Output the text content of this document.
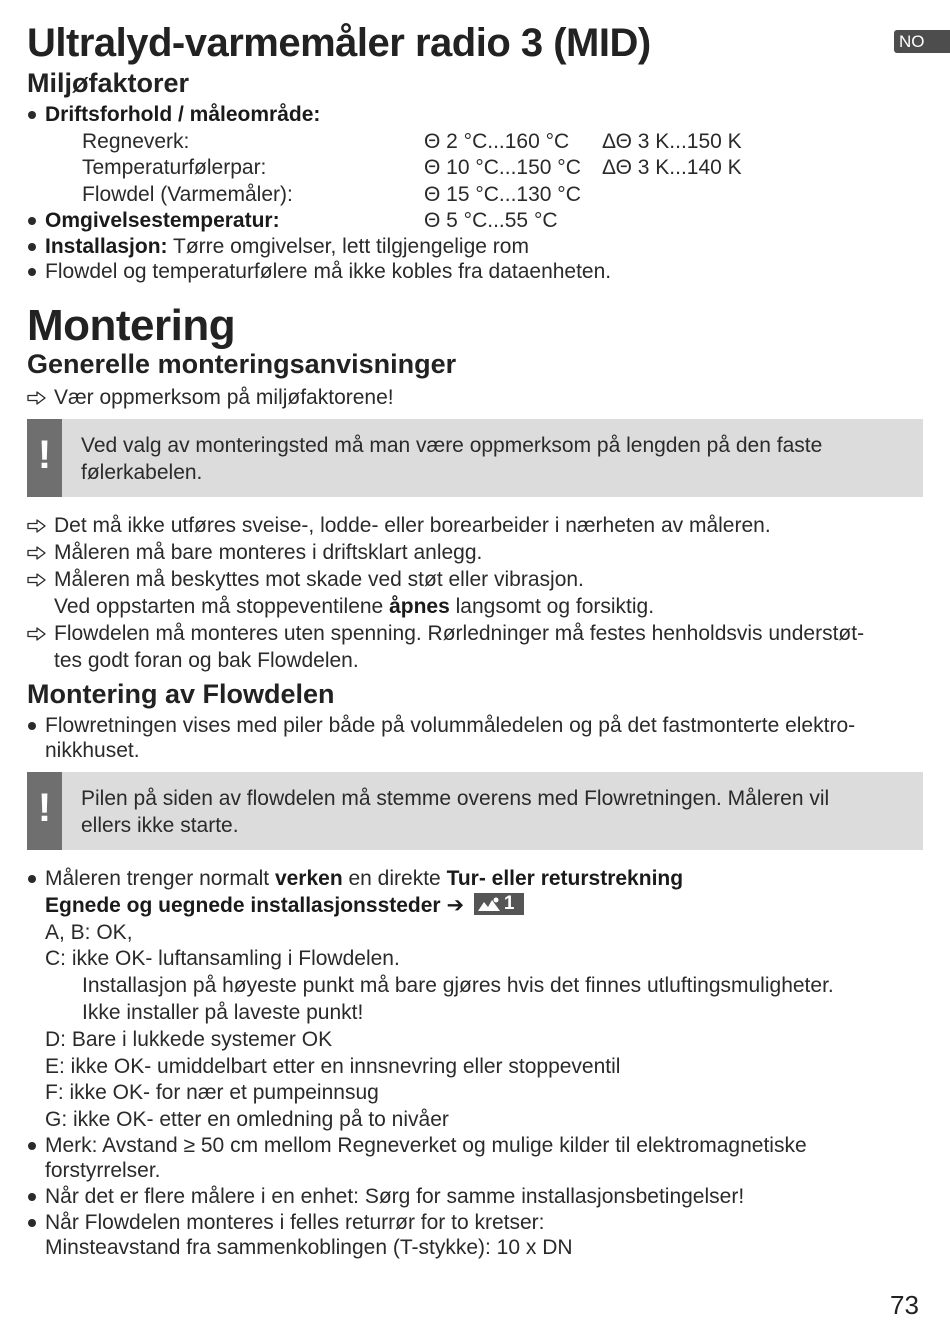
NO
Ultralyd-varmemåler radio 3 (MID)
Miljøfaktorer
Driftsforhold / måleområde:
Regneverk:	Θ 2 °C...160 °C ΔΘ 3 K...150 K
Temperaturfølerpar:	Θ 10 °C...150 °C ΔΘ 3 K...140 K
Flowdel (Varmemåler):	Θ 15 °C...130 °C
Omgivelsestemperatur:	Θ 5 °C...55 °C
Installasjon: Tørre omgivelser, lett tilgjengelige rom
Flowdel og temperaturfølere må ikke kobles fra dataenheten.
Montering
Generelle monteringsanvisninger
Vær oppmerksom på miljøfaktorene!
!	Ved valg av monteringsted må man være oppmerksom på lengden på den faste
følerkabelen.
Det må ikke utføres sveise-, lodde- eller borearbeider i nærheten av måleren.
Måleren må bare monteres i driftsklart anlegg.
Måleren må beskyttes mot skade ved støt eller vibrasjon.
Ved oppstarten må stoppeventilene åpnes langsomt og forsiktig.
Flowdelen må monteres uten spenning. Rørledninger må festes henholdsvis understøt-
tes godt foran og bak Flowdelen.
Montering av Flowdelen
Flowretningen vises med piler både på volummåledelen og på det fastmonterte elektro-
nikkhuset.
!	Pilen på siden av flowdelen må stemme overens med Flowretningen. Måleren vil
ellers ikke starte.
Måleren trenger normalt verken en direkte Tur- eller returstrekning
Egnede og uegnede installasjonssteder ➔ 1
A, B: OK,
C: ikke OK- luftansamling i Flowdelen.
Installasjon på høyeste punkt må bare gjøres hvis det finnes utluftingsmuligheter.
Ikke installer på laveste punkt!
D: Bare i lukkede systemer OK
E: ikke OK- umiddelbart etter en innsnevring eller stoppeventil
F: ikke OK- for nær et pumpeinnsug
G: ikke OK- etter en omledning på to nivåer
Merk: Avstand ≥ 50 cm mellom Regneverket og mulige kilder til elektromagnetiske
forstyrrelser.
Når det er flere målere i en enhet: Sørg for samme installasjonsbetingelser!
Når Flowdelen monteres i felles returrør for to kretser:
Minsteavstand fra sammenkoblingen (T-stykke): 10 x DN
73
